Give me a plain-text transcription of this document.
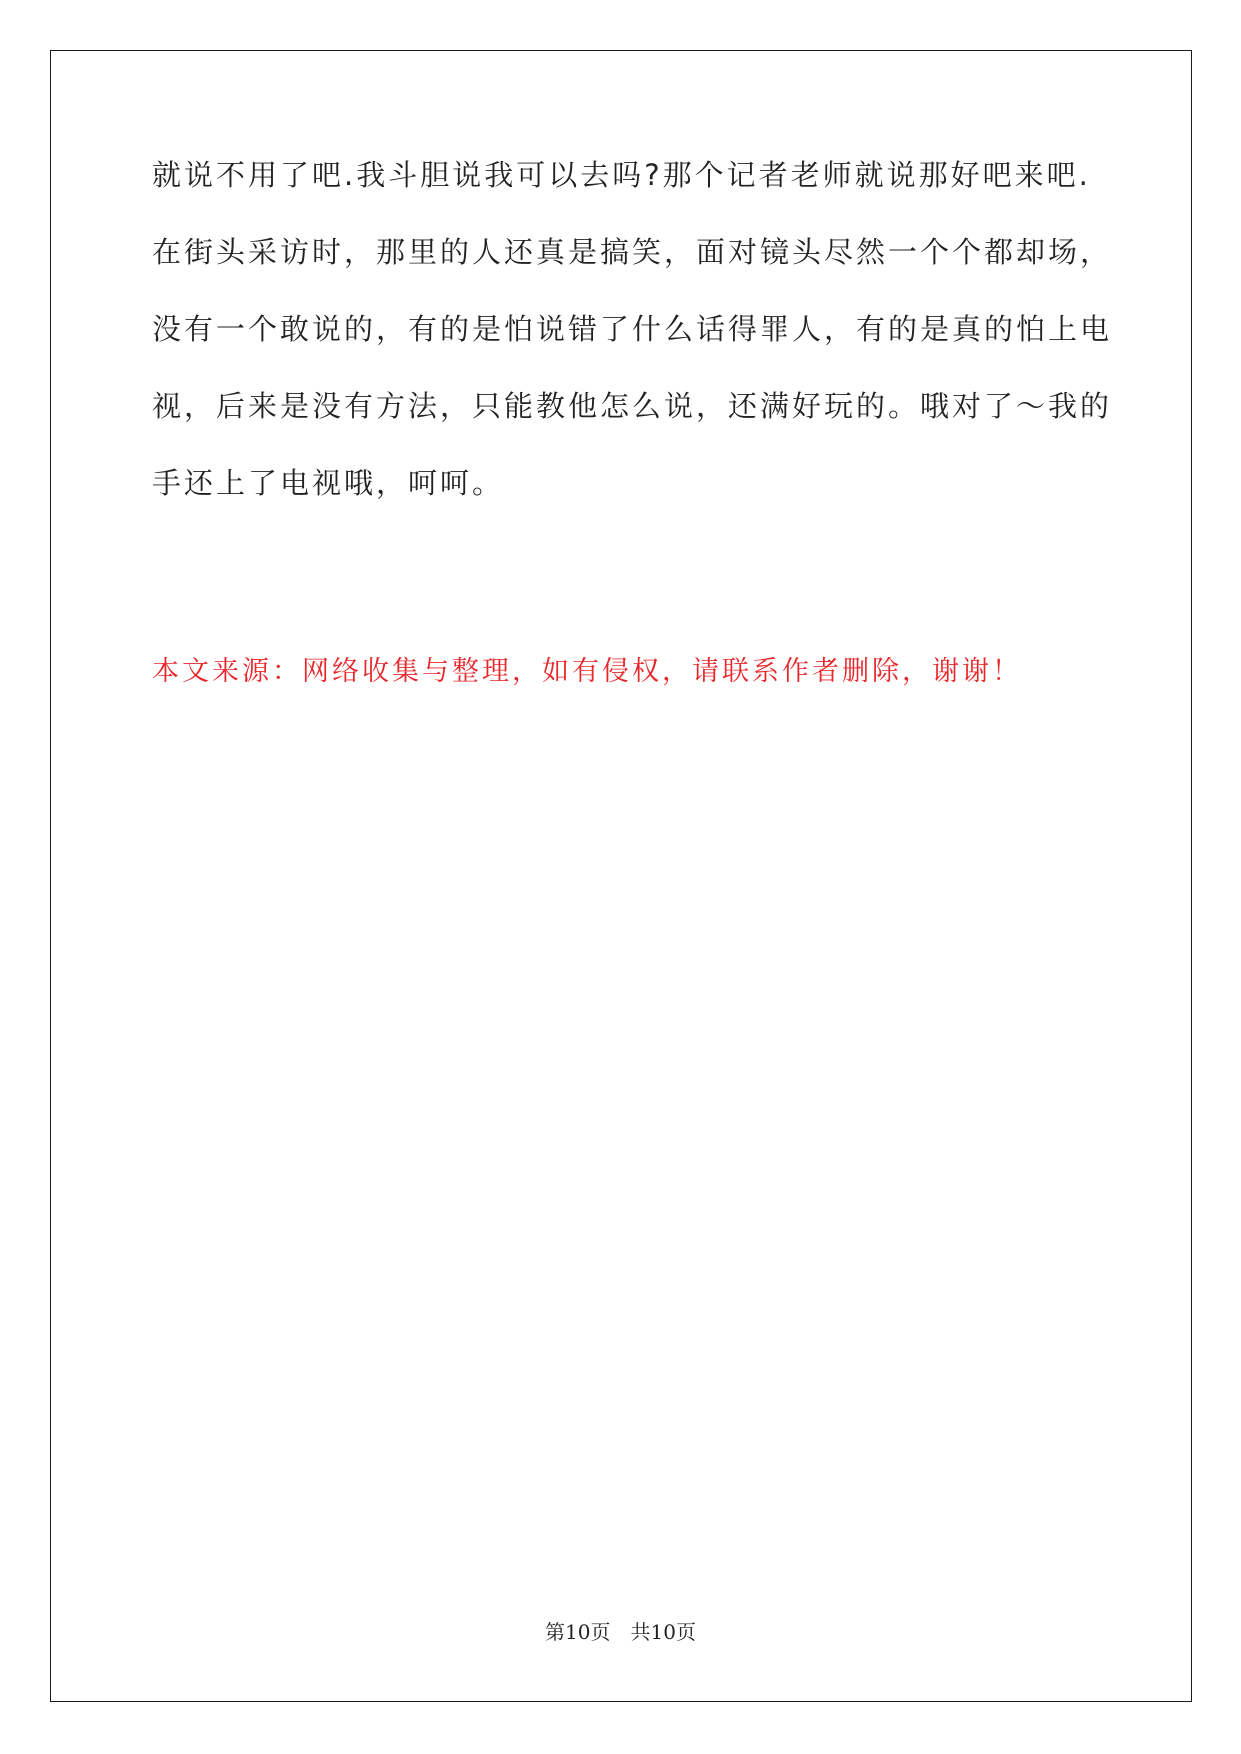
就说不用了吧.我斗胆说我可以去吗?那个记者老师就说那好吧来吧.
在街头采访时，那里的人还真是搞笑，面对镜头尽然一个个都却场，
没有一个敢说的，有的是怕说错了什么话得罪人，有的是真的怕上电
视，后来是没有方法，只能教他怎么说，还满好玩的。哦对了～我的
手还上了电视哦，呵呵。

本文来源：网络收集与整理，如有侵权，请联系作者删除，谢谢！

第10页 共10页
